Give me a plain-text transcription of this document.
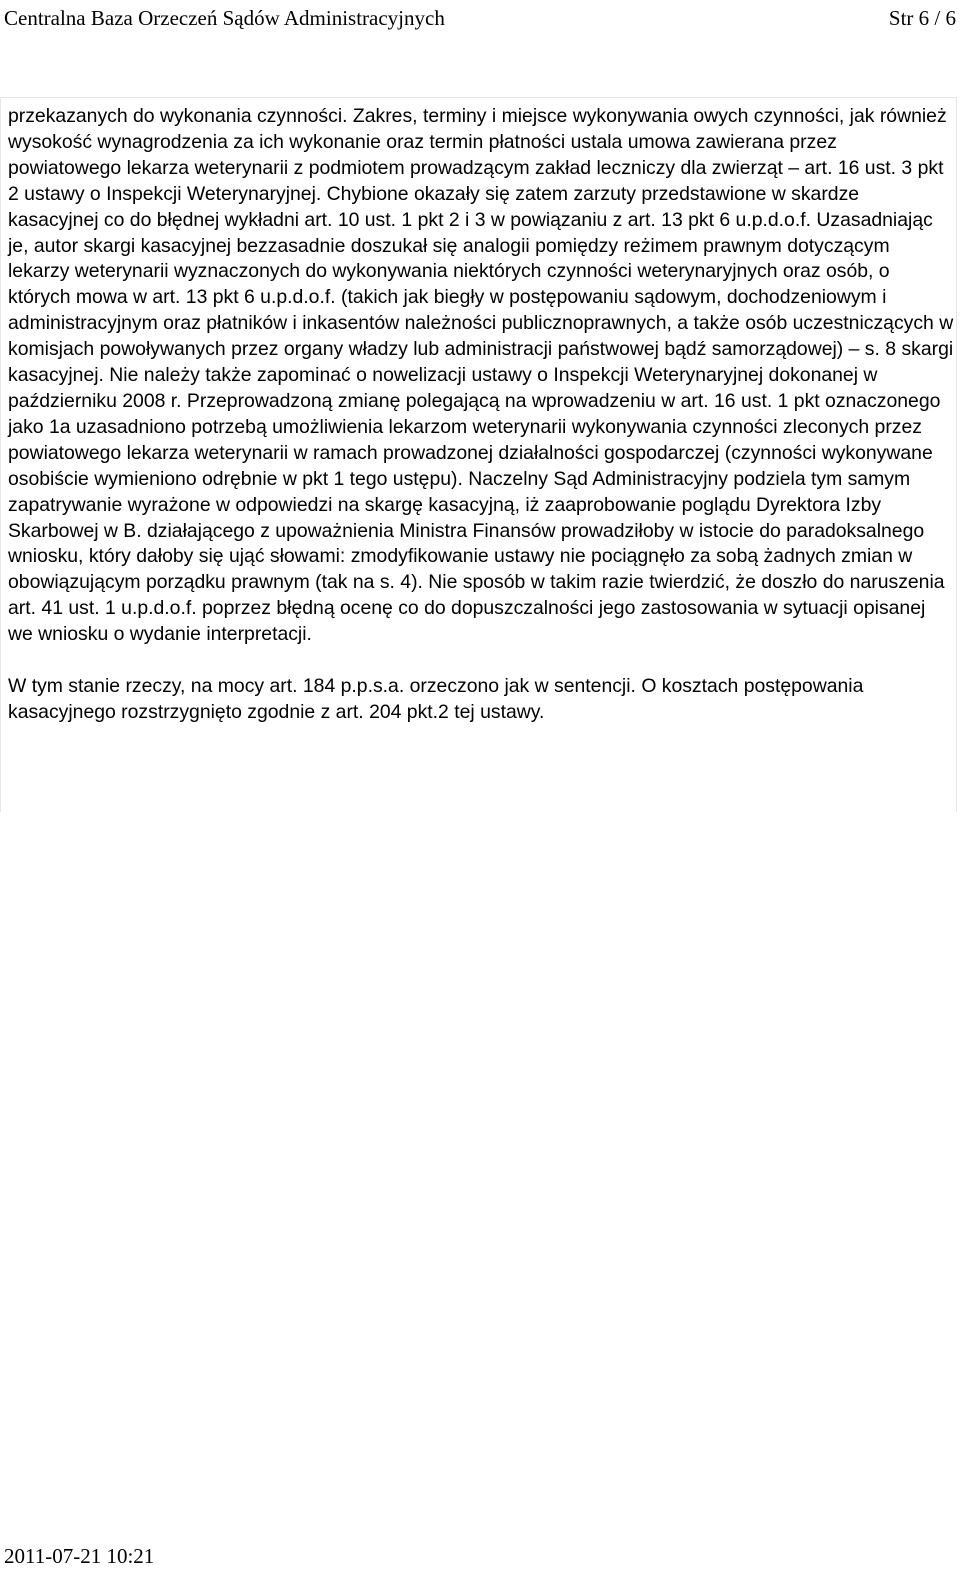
Centralna Baza Orzeczeń Sądów Administracyjnych	Str 6 / 6

przekazanych do wykonania czynności. Zakres, terminy i miejsce wykonywania owych czynności, jak również wysokość wynagrodzenia za ich wykonanie oraz termin płatności ustala umowa zawierana przez powiatowego lekarza weterynarii z podmiotem prowadzącym zakład leczniczy dla zwierząt – art. 16 ust. 3 pkt 2 ustawy o Inspekcji Weterynaryjnej. Chybione okazały się zatem zarzuty przedstawione w skardze kasacyjnej co do błędnej wykładni art. 10 ust. 1 pkt 2 i 3 w powiązaniu z art. 13 pkt 6 u.p.d.o.f. Uzasadniając je, autor skargi kasacyjnej bezzasadnie doszukał się analogii pomiędzy reżimem prawnym dotyczącym lekarzy weterynarii wyznaczonych do wykonywania niektórych czynności weterynaryjnych oraz osób, o których mowa w art. 13 pkt 6 u.p.d.o.f. (takich jak biegły w postępowaniu sądowym, dochodzeniowym i administracyjnym oraz płatników i inkasentów należności publicznoprawnych, a także osób uczestniczących w komisjach powoływanych przez organy władzy lub administracji państwowej bądź samorządowej) – s. 8 skargi kasacyjnej. Nie należy także zapominać o nowelizacji ustawy o Inspekcji Weterynaryjnej dokonanej w październiku 2008 r. Przeprowadzoną zmianę polegającą na wprowadzeniu w art. 16 ust. 1 pkt oznaczonego jako 1a uzasadniono potrzebą umożliwienia lekarzom weterynarii wykonywania czynności zleconych przez powiatowego lekarza weterynarii w ramach prowadzonej działalności gospodarczej (czynności wykonywane osobiście wymieniono odrębnie w pkt 1 tego ustępu). Naczelny Sąd Administracyjny podziela tym samym zapatrywanie wyrażone w odpowiedzi na skargę kasacyjną, iż zaaprobowanie poglądu Dyrektora Izby Skarbowej w B. działającego z upoważnienia Ministra Finansów prowadziłoby w istocie do paradoksalnego wniosku, który dałoby się ująć słowami: zmodyfikowanie ustawy nie pociągnęło za sobą żadnych zmian w obowiązującym porządku prawnym (tak na s. 4). Nie sposób w takim razie twierdzić, że doszło do naruszenia art. 41 ust. 1 u.p.d.o.f. poprzez błędną ocenę co do dopuszczalności jego zastosowania w sytuacji opisanej we wniosku o wydanie interpretacji.

W tym stanie rzeczy, na mocy art. 184 p.p.s.a. orzeczono jak w sentencji. O kosztach postępowania kasacyjnego rozstrzygnięto zgodnie z art. 204 pkt.2 tej ustawy.

2011-07-21 10:21
